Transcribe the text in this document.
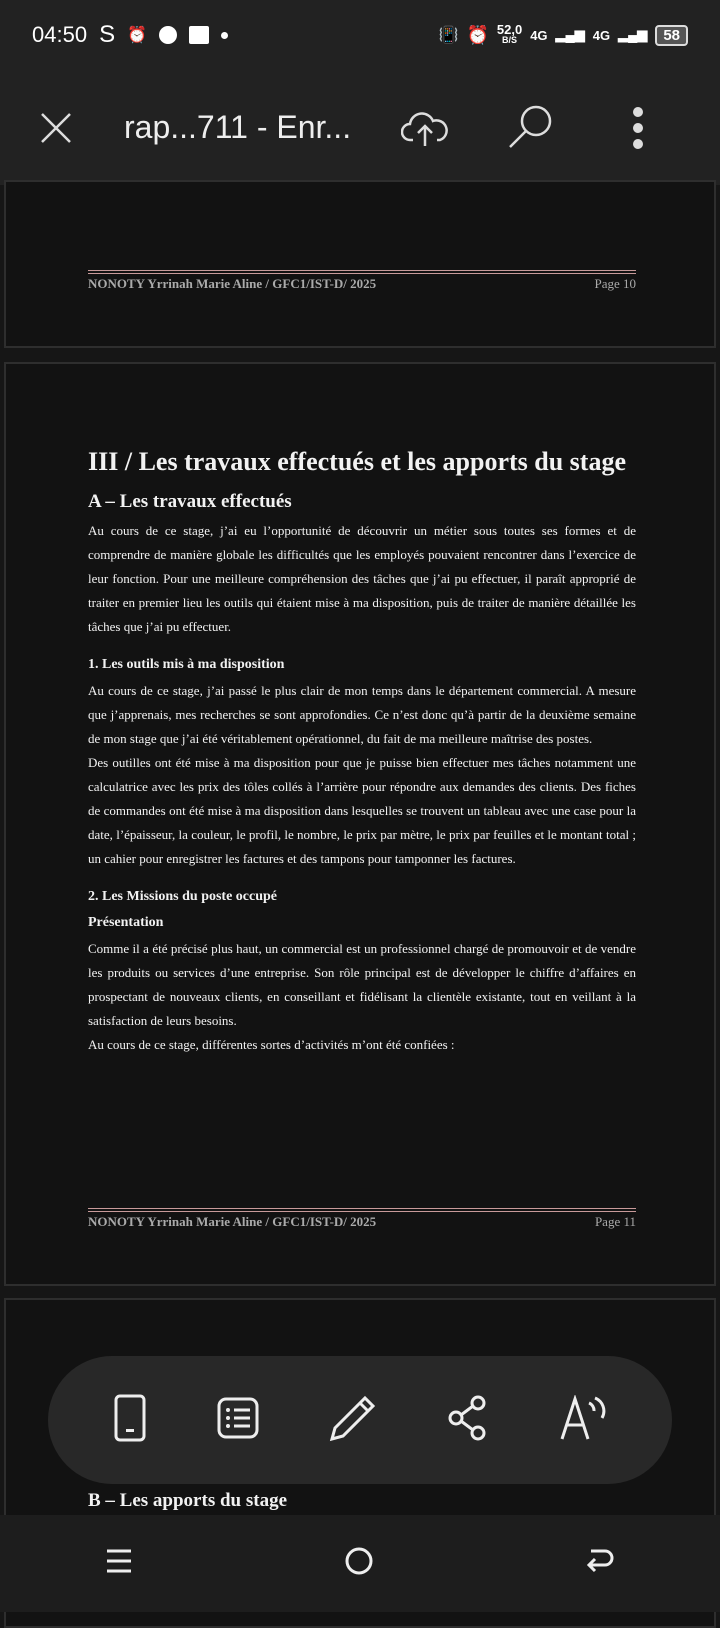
04:50 S ⏰	📳 ⏰ 52,0
B/S	4G ▂▄▆ 4G ▂▄▆	58
rap...711 - Enr...
NONOTY Yrrinah Marie Aline / GFC1/IST-D/ 2025	Page 10
III / Les travaux effectués et les apports du stage
A – Les travaux effectués

Au cours de ce stage, j’ai eu l’opportunité de découvrir un métier sous toutes ses formes et de comprendre de manière globale les difficultés que les employés pouvaient rencontrer dans l’exercice de leur fonction. Pour une meilleure compréhension des tâches que j’ai pu effectuer, il paraît approprié de traiter en premier lieu les outils qui étaient mise à ma disposition, puis de traiter de manière détaillée les tâches que j’ai pu effectuer.

1. Les outils mis à ma disposition

Au cours de ce stage, j’ai passé le plus clair de mon temps dans le département commercial. A mesure que j’apprenais, mes recherches se sont approfondies. Ce n’est donc qu’à partir de la deuxième semaine de mon stage que j’ai été véritablement opérationnel, du fait de ma meilleure maîtrise des postes.

Des outilles ont été mise à ma disposition pour que je puisse bien effectuer mes tâches notamment une calculatrice avec les prix des tôles collés à l’arrière pour répondre aux demandes des clients. Des fiches de commandes ont été mise à ma disposition dans lesquelles se trouvent un tableau avec une case pour la date, l’épaisseur, la couleur, le profil, le nombre, le prix par mètre, le prix par feuilles et le montant total ; un cahier pour enregistrer les factures et des tampons pour tamponner les factures.

2. Les Missions du poste occupé
Présentation

Comme il a été précisé plus haut, un commercial est un professionnel chargé de promouvoir et de vendre les produits ou services d’une entreprise. Son rôle principal est de développer le chiffre d’affaires en prospectant de nouveaux clients, en conseillant et fidélisant la clientèle existante, tout en veillant à la satisfaction de leurs besoins.

Au cours de ce stage, différentes sortes d’activités m’ont été confiées :

NONOTY Yrrinah Marie Aline / GFC1/IST-D/ 2025	Page 11
B – Les apports du stage
